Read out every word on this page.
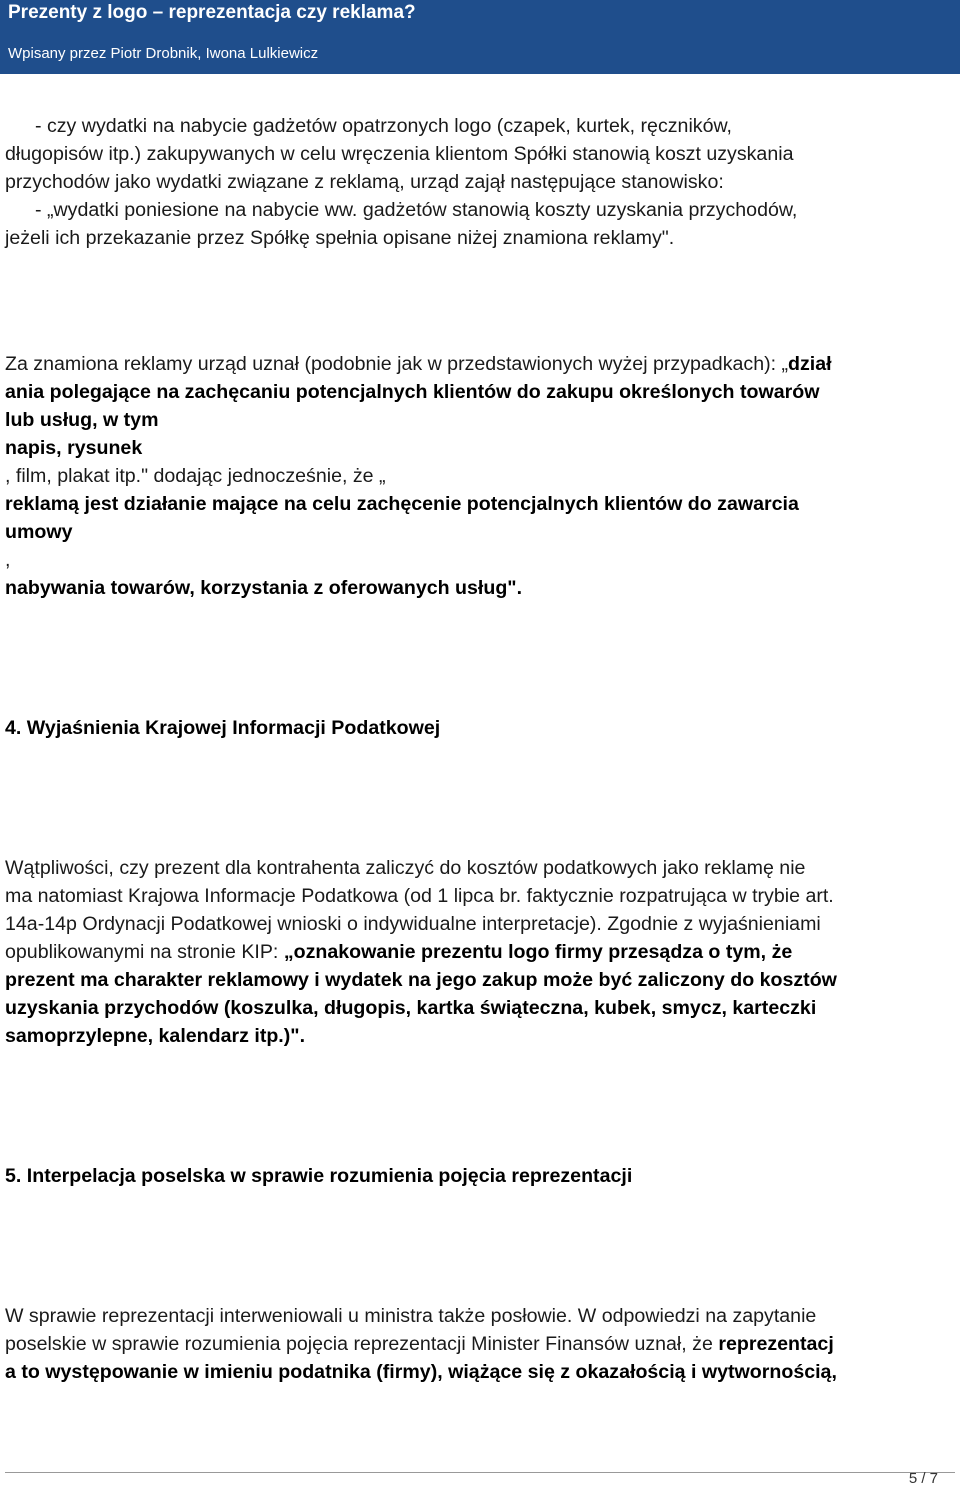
Prezenty z logo – reprezentacja czy reklama?
Wpisany przez Piotr Drobnik, Iwona Lulkiewicz
- czy wydatki na nabycie gadżetów opatrzonych logo (czapek, kurtek, ręczników,
długopisów itp.) zakupywanych w celu wręczenia klientom Spółki stanowią koszt uzyskania
przychodów jako wydatki związane z reklamą, urząd zajął następujące stanowisko:
- „wydatki poniesione na nabycie ww. gadżetów stanowią koszty uzyskania przychodów,
jeżeli ich przekazanie przez Spółkę spełnia opisane niżej znamiona reklamy".
Za znamiona reklamy urząd uznał (podobnie jak w przedstawionych wyżej przypadkach): „dział
ania polegające na zachęcaniu potencjalnych klientów do zakupu określonych towarów
lub usług, w tym
napis, rysunek
, film, plakat itp." dodając jednocześnie, że „
reklamą jest działanie mające na celu zachęcenie potencjalnych klientów do zawarcia
umowy
,
nabywania towarów, korzystania z oferowanych usług".
4. Wyjaśnienia Krajowej Informacji Podatkowej
Wątpliwości, czy prezent dla kontrahenta zaliczyć do kosztów podatkowych jako reklamę nie
ma natomiast Krajowa Informacje Podatkowa (od 1 lipca br. faktycznie rozpatrująca w trybie art.
14a-14p Ordynacji Podatkowej wnioski o indywidualne interpretacje). Zgodnie z wyjaśnieniami
opublikowanymi na stronie KIP: „oznakowanie prezentu logo firmy przesądza o tym, że
prezent ma charakter reklamowy i wydatek na jego zakup może być zaliczony do kosztów
uzyskania przychodów (koszulka, długopis, kartka świąteczna, kubek, smycz, karteczki
samoprzylepne, kalendarz itp.)".
5. Interpelacja poselska w sprawie rozumienia pojęcia reprezentacji
W sprawie reprezentacji interweniowali u ministra także posłowie. W odpowiedzi na zapytanie
poselskie w sprawie rozumienia pojęcia reprezentacji Minister Finansów uznał, że reprezentacj
a to występowanie w imieniu podatnika (firmy), wiążące się z okazałością i wytwornością,
5 / 7
